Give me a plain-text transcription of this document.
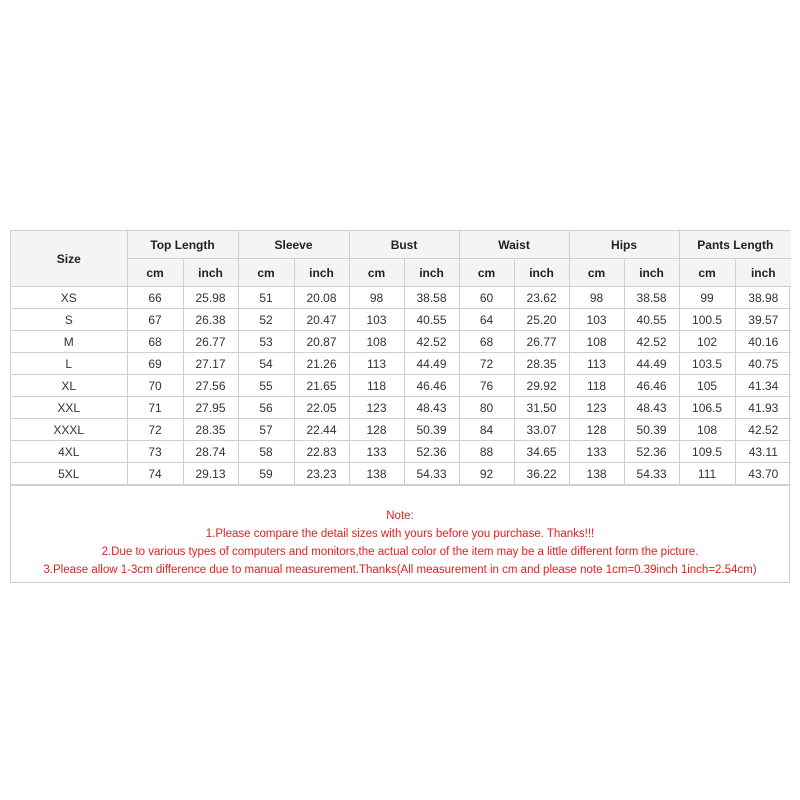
Size	Top Length		Sleeve		Bust		Waist		Hips		Pants Length	
	cm	inch	cm	inch	cm	inch	cm	inch	cm	inch	cm	inch
XS	66	25.98	51	20.08	98	38.58	60	23.62	98	38.58	99	38.98
S	67	26.38	52	20.47	103	40.55	64	25.20	103	40.55	100.5	39.57
M	68	26.77	53	20.87	108	42.52	68	26.77	108	42.52	102	40.16
L	69	27.17	54	21.26	113	44.49	72	28.35	113	44.49	103.5	40.75
XL	70	27.56	55	21.65	118	46.46	76	29.92	118	46.46	105	41.34
XXL	71	27.95	56	22.05	123	48.43	80	31.50	123	48.43	106.5	41.93
XXXL	72	28.35	57	22.44	128	50.39	84	33.07	128	50.39	108	42.52
4XL	73	28.74	58	22.83	133	52.36	88	34.65	133	52.36	109.5	43.11
5XL	74	29.13	59	23.23	138	54.33	92	36.22	138	54.33	111	43.70
Note:
1.Please compare the detail sizes with yours before you purchase. Thanks!!!
2.Due to various types of computers and monitors,the actual color of the item may be a little different form the picture.
3.Please allow 1-3cm difference due to manual measurement.Thanks(All measurement in cm and please note 1cm=0.39inch 1inch=2.54cm)
